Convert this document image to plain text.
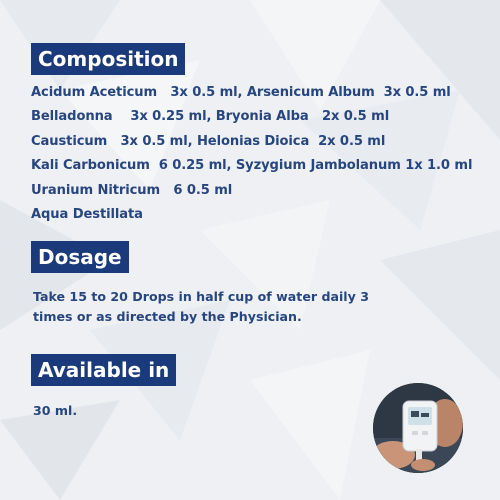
Composition
Acidum Aceticum   3x 0.5 ml, Arsenicum Album  3x 0.5 ml
Belladonna    3x 0.25 ml, Bryonia Alba   2x 0.5 ml
Causticum   3x 0.5 ml, Helonias Dioica  2x 0.5 ml
Kali Carbonicum  6 0.25 ml, Syzygium Jambolanum 1x 1.0 ml
Uranium Nitricum   6 0.5 ml
Aqua Destillata
Dosage
Take 15 to 20 Drops in half cup of water daily 3 times or as directed by the Physician.
Available in
30 ml.
